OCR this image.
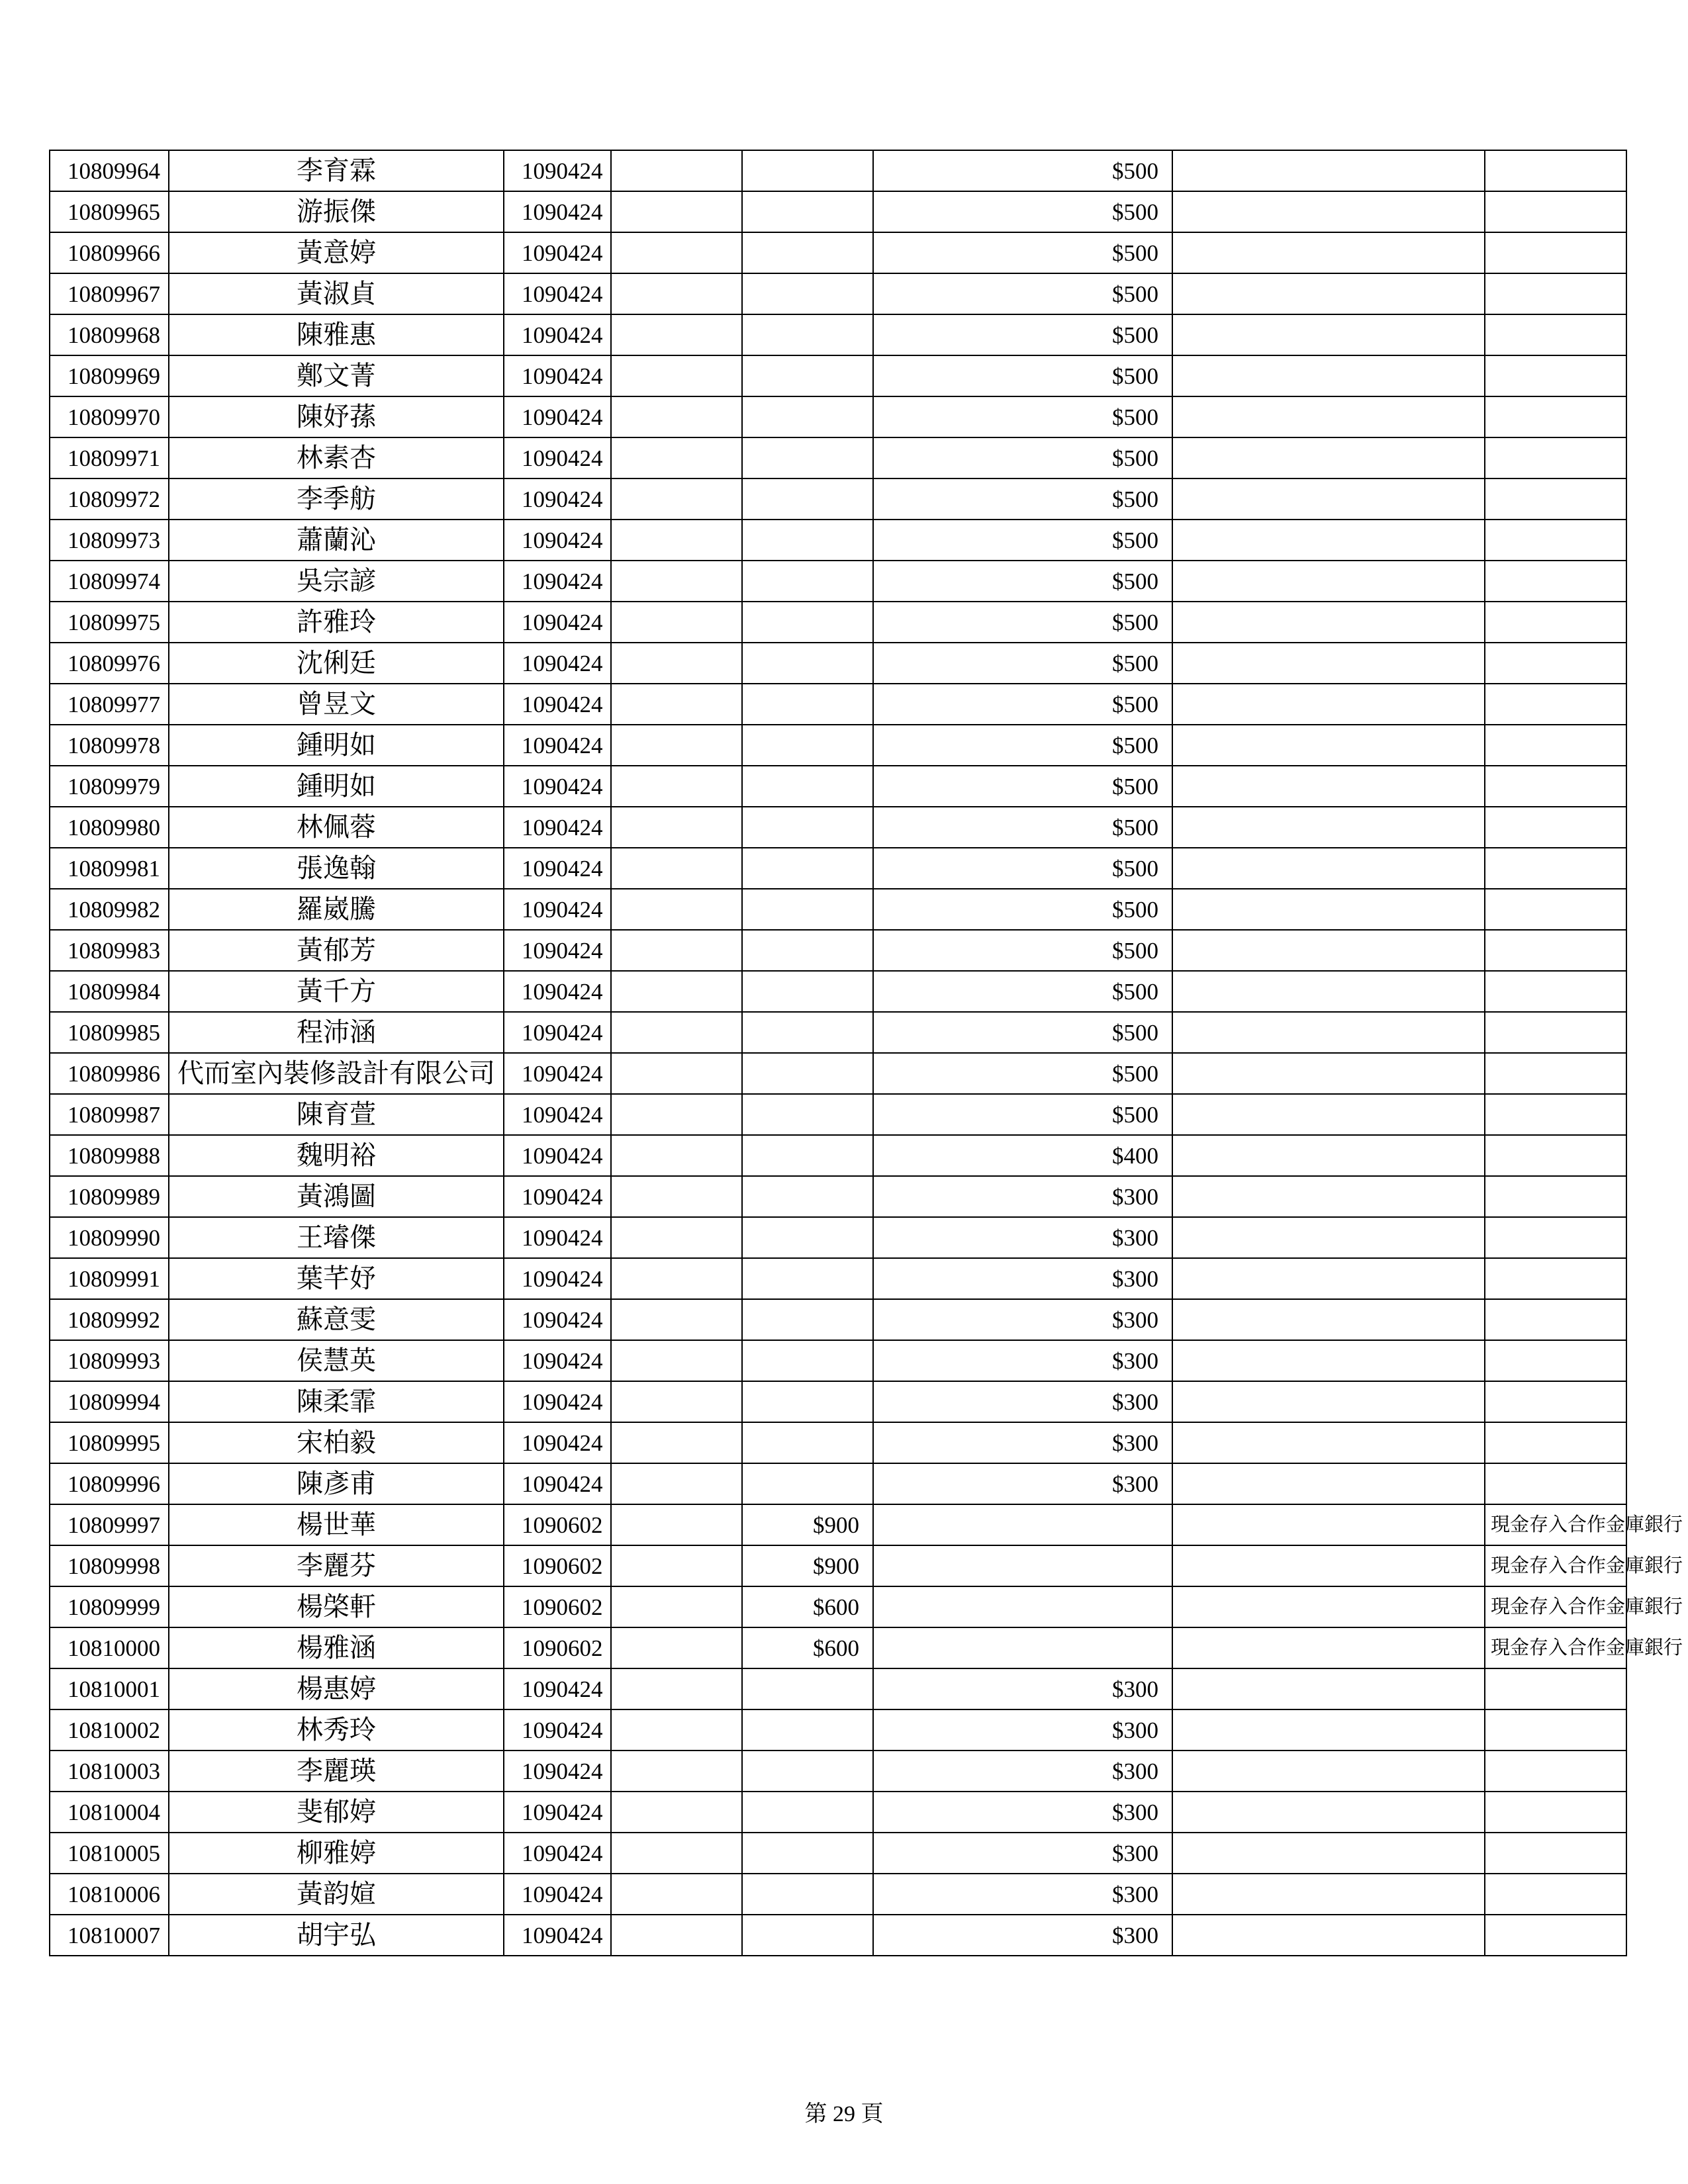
10809964	李育霖	1090424			$500		
10809965	游振傑	1090424			$500		
10809966	黃意婷	1090424			$500		
10809967	黃淑貞	1090424			$500		
10809968	陳雅惠	1090424			$500		
10809969	鄭文菁	1090424			$500		
10809970	陳妤蓀	1090424			$500		
10809971	林素杏	1090424			$500		
10809972	李季舫	1090424			$500		
10809973	蕭蘭沁	1090424			$500		
10809974	吳宗諺	1090424			$500		
10809975	許雅玲	1090424			$500		
10809976	沈俐廷	1090424			$500		
10809977	曾昱文	1090424			$500		
10809978	鍾明如	1090424			$500		
10809979	鍾明如	1090424			$500		
10809980	林佩蓉	1090424			$500		
10809981	張逸翰	1090424			$500		
10809982	羅崴騰	1090424			$500		
10809983	黃郁芳	1090424			$500		
10809984	黃千方	1090424			$500		
10809985	程沛涵	1090424			$500		
10809986	代而室內裝修設計有限公司	1090424			$500		
10809987	陳育萱	1090424			$500		
10809988	魏明裕	1090424			$400		
10809989	黃鴻圖	1090424			$300		
10809990	王璿傑	1090424			$300		
10809991	葉芊妤	1090424			$300		
10809992	蘇意雯	1090424			$300		
10809993	侯慧英	1090424			$300		
10809994	陳柔霏	1090424			$300		
10809995	宋柏毅	1090424			$300		
10809996	陳彥甫	1090424			$300		
10809997	楊世華	1090602		$900			現金存入合作金庫銀行
10809998	李麗芬	1090602		$900			現金存入合作金庫銀行
10809999	楊棨軒	1090602		$600			現金存入合作金庫銀行
10810000	楊雅涵	1090602		$600			現金存入合作金庫銀行
10810001	楊惠婷	1090424			$300		
10810002	林秀玲	1090424			$300		
10810003	李麗瑛	1090424			$300		
10810004	斐郁婷	1090424			$300		
10810005	柳雅婷	1090424			$300		
10810006	黃韵媗	1090424			$300		
10810007	胡宇弘	1090424			$300		
第 29 頁
